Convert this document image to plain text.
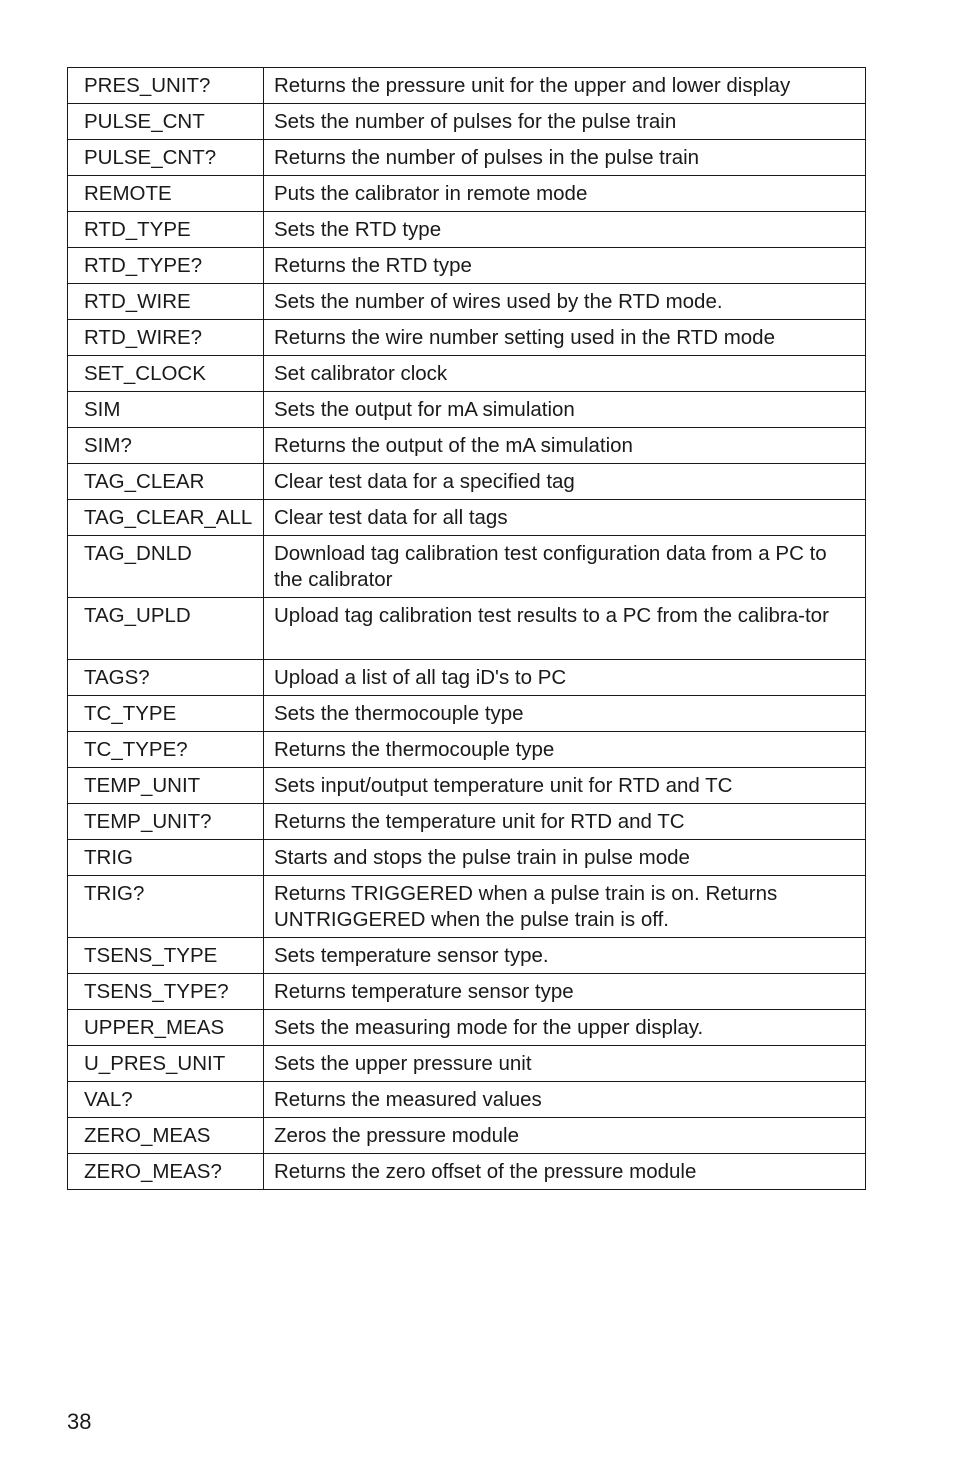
PRES_UNIT?	Returns the pressure unit for the upper and lower display
PULSE_CNT	Sets the number of pulses for the pulse train
PULSE_CNT?	Returns the number of pulses in the pulse train
REMOTE	Puts the calibrator in remote mode
RTD_TYPE	Sets the RTD type
RTD_TYPE?	Returns the RTD type
RTD_WIRE	Sets the number of wires used by the RTD mode.
RTD_WIRE?	Returns the wire number setting used in the RTD mode
SET_CLOCK	Set calibrator clock
SIM	Sets the output for mA simulation
SIM?	Returns the output of the mA simulation
TAG_CLEAR	Clear test data for a specified tag
TAG_CLEAR_ALL	Clear test data for all tags
TAG_DNLD	Download tag calibration test configuration data from a PC to the calibrator
TAG_UPLD	Upload tag calibration test results to a PC from the calibra-tor
TAGS?	Upload a list of all tag iD's to PC
TC_TYPE	Sets the thermocouple type
TC_TYPE?	Returns the thermocouple type
TEMP_UNIT	Sets input/output temperature unit for RTD and TC
TEMP_UNIT?	Returns the temperature unit for RTD and TC
TRIG	Starts and stops the pulse train in pulse mode
TRIG?	Returns TRIGGERED when a pulse train is on. Returns UNTRIGGERED when the pulse train is off.
TSENS_TYPE	Sets temperature sensor type.
TSENS_TYPE?	Returns temperature sensor type
UPPER_MEAS	Sets the measuring mode for the upper display.
U_PRES_UNIT	Sets the upper pressure unit
VAL?	Returns the measured values
ZERO_MEAS	Zeros the pressure module
ZERO_MEAS?	Returns the zero offset of the pressure module
38
